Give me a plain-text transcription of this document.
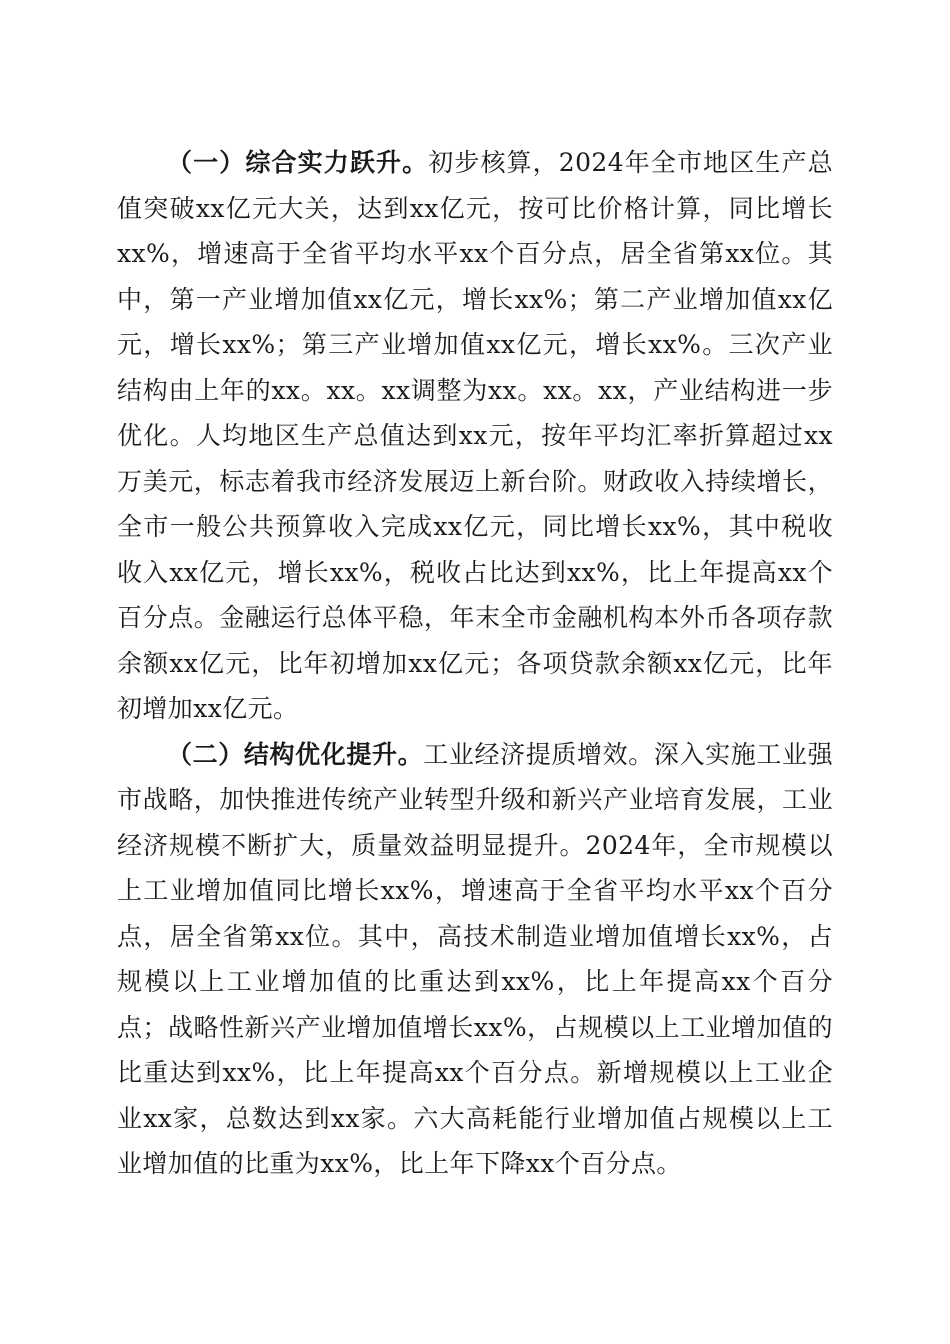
（一）综合实力跃升。初步核算，2024年全市地区生产总值突破xx亿元大关，达到xx亿元，按可比价格计算，同比增长xx%，增速高于全省平均水平xx个百分点，居全省第xx位。其中，第一产业增加值xx亿元，增长xx%；第二产业增加值xx亿元，增长xx%；第三产业增加值xx亿元，增长xx%。三次产业结构由上年的xx。xx。xx调整为xx。xx。xx，产业结构进一步优化。人均地区生产总值达到xx元，按年平均汇率折算超过xx万美元，标志着我市经济发展迈上新台阶。财政收入持续增长，全市一般公共预算收入完成xx亿元，同比增长xx%，其中税收收入xx亿元，增长xx%，税收占比达到xx%，比上年提高xx个百分点。金融运行总体平稳，年末全市金融机构本外币各项存款余额xx亿元，比年初增加xx亿元；各项贷款余额xx亿元，比年初增加xx亿元。

（二）结构优化提升。工业经济提质增效。深入实施工业强市战略，加快推进传统产业转型升级和新兴产业培育发展，工业经济规模不断扩大，质量效益明显提升。2024年，全市规模以上工业增加值同比增长xx%，增速高于全省平均水平xx个百分点，居全省第xx位。其中，高技术制造业增加值增长xx%，占规模以上工业增加值的比重达到xx%，比上年提高xx个百分点；战略性新兴产业增加值增长xx%，占规模以上工业增加值的比重达到xx%，比上年提高xx个百分点。新增规模以上工业企业xx家，总数达到xx家。六大高耗能行业增加值占规模以上工业增加值的比重为xx%，比上年下降xx个百分点。
